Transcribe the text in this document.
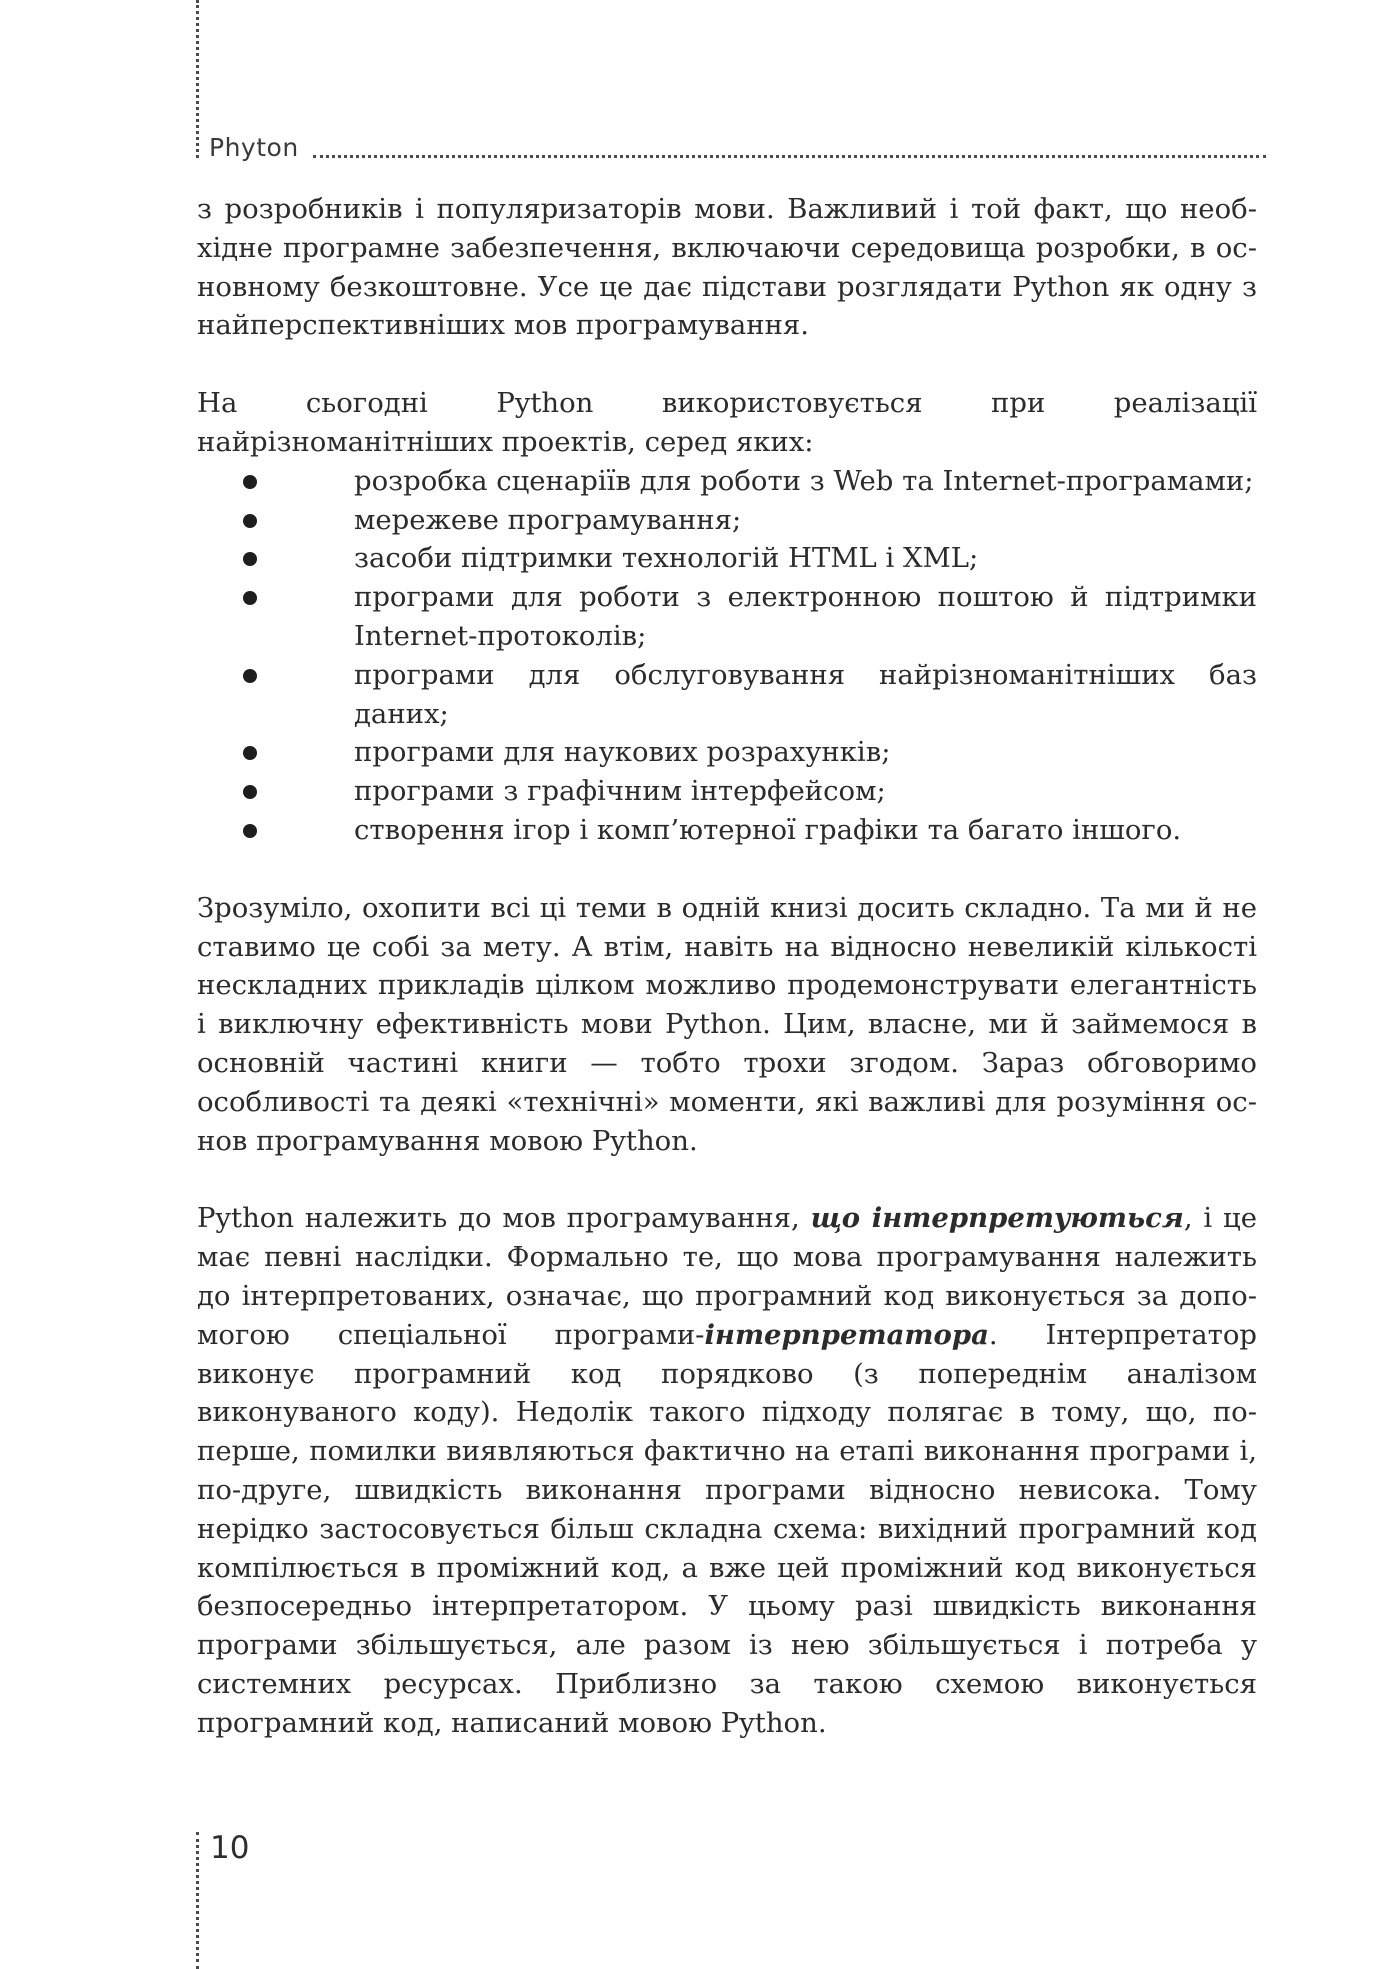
Phyton

з розробників і популяризаторів мови. Важливий і той факт, що необхідне програмне забезпечення, включаючи середовища розробки, в основному безкоштовне. Усе це дає підстави розглядати Python як одну з найперспективніших мов програмування.

На сьогодні Python використовується при реалізації найрізноманітніших проектів, серед яких:

розробка сценаріїв для роботи з Web та Internet-програмами;
мережеве програмування;
засоби підтримки технологій HTML і XML;
програми для роботи з електронною поштою й підтримки Internet-протоколів;
програми для обслуговування найрізноманітніших баз даних;
програми для наукових розрахунків;
програми з графічним інтерфейсом;
створення ігор і комп’ютерної графіки та багато іншого.

Зрозуміло, охопити всі ці теми в одній книзі досить складно. Та ми й не ставимо це собі за мету. А втім, навіть на відносно невеликій кількості нескладних прикладів цілком можливо продемонструвати елегантність і виключну ефективність мови Python. Цим, власне, ми й займемося в основній частині книги — тобто трохи згодом. Зараз обговоримо особливості та деякі «технічні» моменти, які важливі для розуміння основ програмування мовою Python.

Python належить до мов програмування, що інтерпретуються, і це має певні наслідки. Формально те, що мова програмування належить до інтерпретованих, означає, що програмний код виконується за допомогою спеціальної програми-інтерпретатора. Інтерпретатор виконує програмний код порядково (з попереднім аналізом виконуваного коду). Недолік такого підходу полягає в тому, що, по-перше, помилки виявляються фактично на етапі виконання програми і, по-друге, швидкість виконання програми відносно невисока. Тому нерідко застосовується більш складна схема: вихідний програмний код компілюється в проміжний код, а вже цей проміжний код виконується безпосередньо інтерпретатором. У цьому разі швидкість виконання програми збільшується, але разом із нею збільшується і потреба у системних ресурсах. Приблизно за такою схемою виконується програмний код, написаний мовою Python.

10
